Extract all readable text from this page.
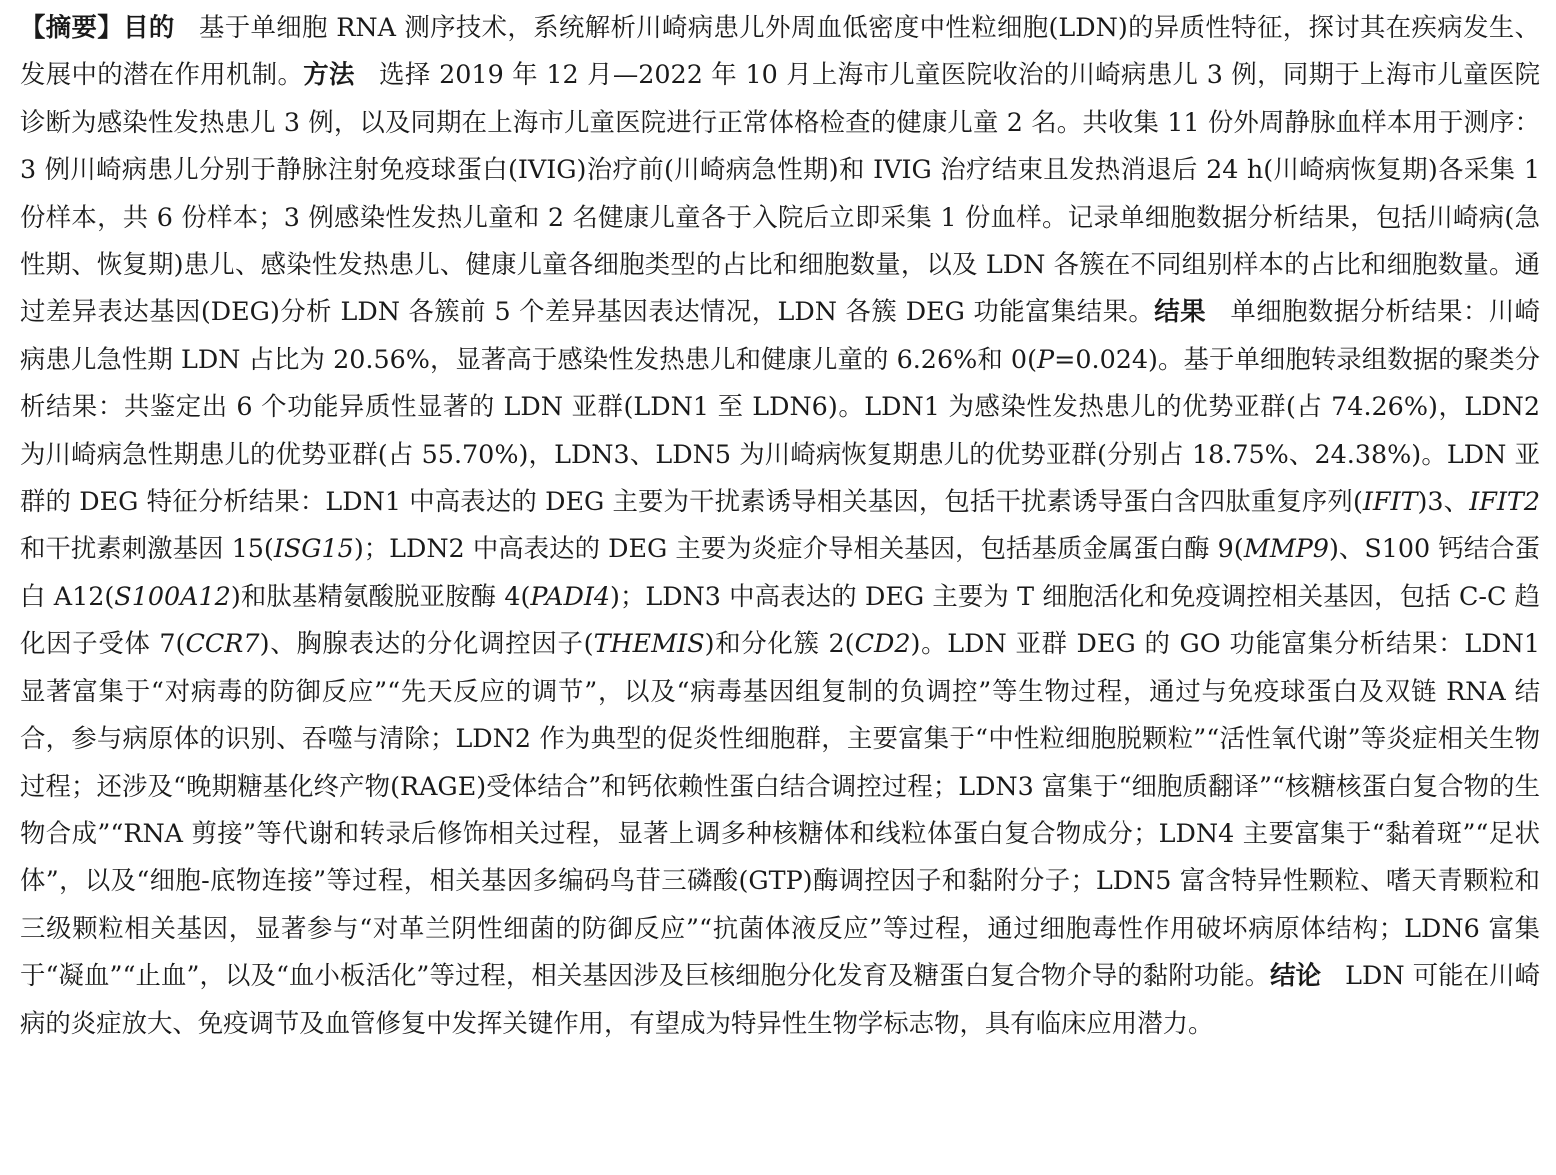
【摘要】目的 基于单细胞 RNA 测序技术，系统解析川崎病患儿外周血低密度中性粒细胞(LDN)的异质性特征，探讨其在疾病发生、发展中的潜在作用机制。方法 选择 2019 年 12 月—2022 年 10 月上海市儿童医院收治的川崎病患儿 3 例，同期于上海市儿童医院诊断为感染性发热患儿 3 例，以及同期在上海市儿童医院进行正常体格检查的健康儿童 2 名。共收集 11 份外周静脉血样本用于测序：3 例川崎病患儿分别于静脉注射免疫球蛋白(IVIG)治疗前(川崎病急性期)和 IVIG 治疗结束且发热消退后 24 h(川崎病恢复期)各采集 1 份样本，共 6 份样本；3 例感染性发热儿童和 2 名健康儿童各于入院后立即采集 1 份血样。记录单细胞数据分析结果，包括川崎病(急性期、恢复期)患儿、感染性发热患儿、健康儿童各细胞类型的占比和细胞数量，以及 LDN 各簇在不同组别样本的占比和细胞数量。通过差异表达基因(DEG)分析 LDN 各簇前 5 个差异基因表达情况，LDN 各簇 DEG 功能富集结果。结果 单细胞数据分析结果：川崎病患儿急性期 LDN 占比为 20.56%，显著高于感染性发热患儿和健康儿童的 6.26%和 0(P=0.024)。基于单细胞转录组数据的聚类分析结果：共鉴定出 6 个功能异质性显著的 LDN 亚群(LDN1 至 LDN6)。LDN1 为感染性发热患儿的优势亚群(占 74.26%)，LDN2 为川崎病急性期患儿的优势亚群(占 55.70%)，LDN3、LDN5 为川崎病恢复期患儿的优势亚群(分别占 18.75%、24.38%)。LDN 亚群的 DEG 特征分析结果：LDN1 中高表达的 DEG 主要为干扰素诱导相关基因，包括干扰素诱导蛋白含四肽重复序列(IFIT)3、IFIT2 和干扰素刺激基因 15(ISG15)；LDN2 中高表达的 DEG 主要为炎症介导相关基因，包括基质金属蛋白酶 9(MMP9)、S100 钙结合蛋白 A12(S100A12)和肽基精氨酸脱亚胺酶 4(PADI4)；LDN3 中高表达的 DEG 主要为 T 细胞活化和免疫调控相关基因，包括 C-C 趋化因子受体 7(CCR7)、胸腺表达的分化调控因子(THEMIS)和分化簇 2(CD2)。LDN 亚群 DEG 的 GO 功能富集分析结果：LDN1 显著富集于“对病毒的防御反应”“先天反应的调节”，以及“病毒基因组复制的负调控”等生物过程，通过与免疫球蛋白及双链 RNA 结合，参与病原体的识别、吞噬与清除；LDN2 作为典型的促炎性细胞群，主要富集于“中性粒细胞脱颗粒”“活性氧代谢”等炎症相关生物过程；还涉及“晚期糖基化终产物(RAGE)受体结合”和钙依赖性蛋白结合调控过程；LDN3 富集于“细胞质翻译”“核糖核蛋白复合物的生物合成”“RNA 剪接”等代谢和转录后修饰相关过程，显著上调多种核糖体和线粒体蛋白复合物成分；LDN4 主要富集于“黏着斑”“足状体”，以及“细胞-底物连接”等过程，相关基因多编码鸟苷三磷酸(GTP)酶调控因子和黏附分子；LDN5 富含特异性颗粒、嗜天青颗粒和三级颗粒相关基因，显著参与“对革兰阴性细菌的防御反应”“抗菌体液反应”等过程，通过细胞毒性作用破坏病原体结构；LDN6 富集于“凝血”“止血”，以及“血小板活化”等过程，相关基因涉及巨核细胞分化发育及糖蛋白复合物介导的黏附功能。结论 LDN 可能在川崎病的炎症放大、免疫调节及血管修复中发挥关键作用，有望成为特异性生物学标志物，具有临床应用潜力。
